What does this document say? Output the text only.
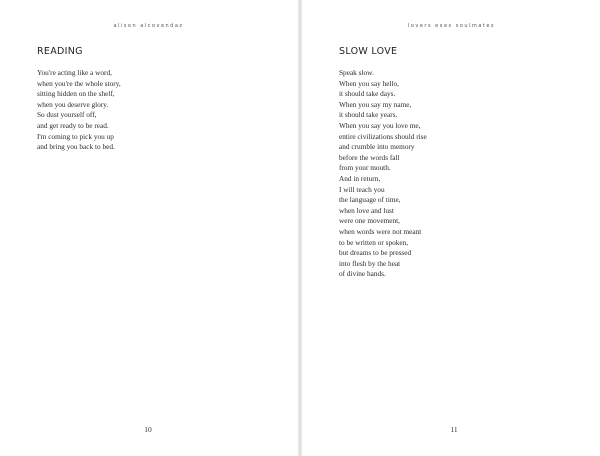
alison alcovendaz
READING
You're acting like a word,
when you're the whole story,
sitting hidden on the shelf,
when you deserve glory.
So dust yourself off,
and get ready to be read.
I'm coming to pick you up
and bring you back to bed.
10
lovers exes soulmates
SLOW LOVE
Speak slow.
When you say hello,
it should take days.
When you say my name,
it should take years.
When you say you love me,
entire civilizations should rise
and crumble into memory
before the words fall
from your mouth.
And in return,
I will teach you
the language of time,
when love and lust
were one movement,
when words were not meant
to be written or spoken,
but dreams to be pressed
into flesh by the heat
of divine hands.
11
